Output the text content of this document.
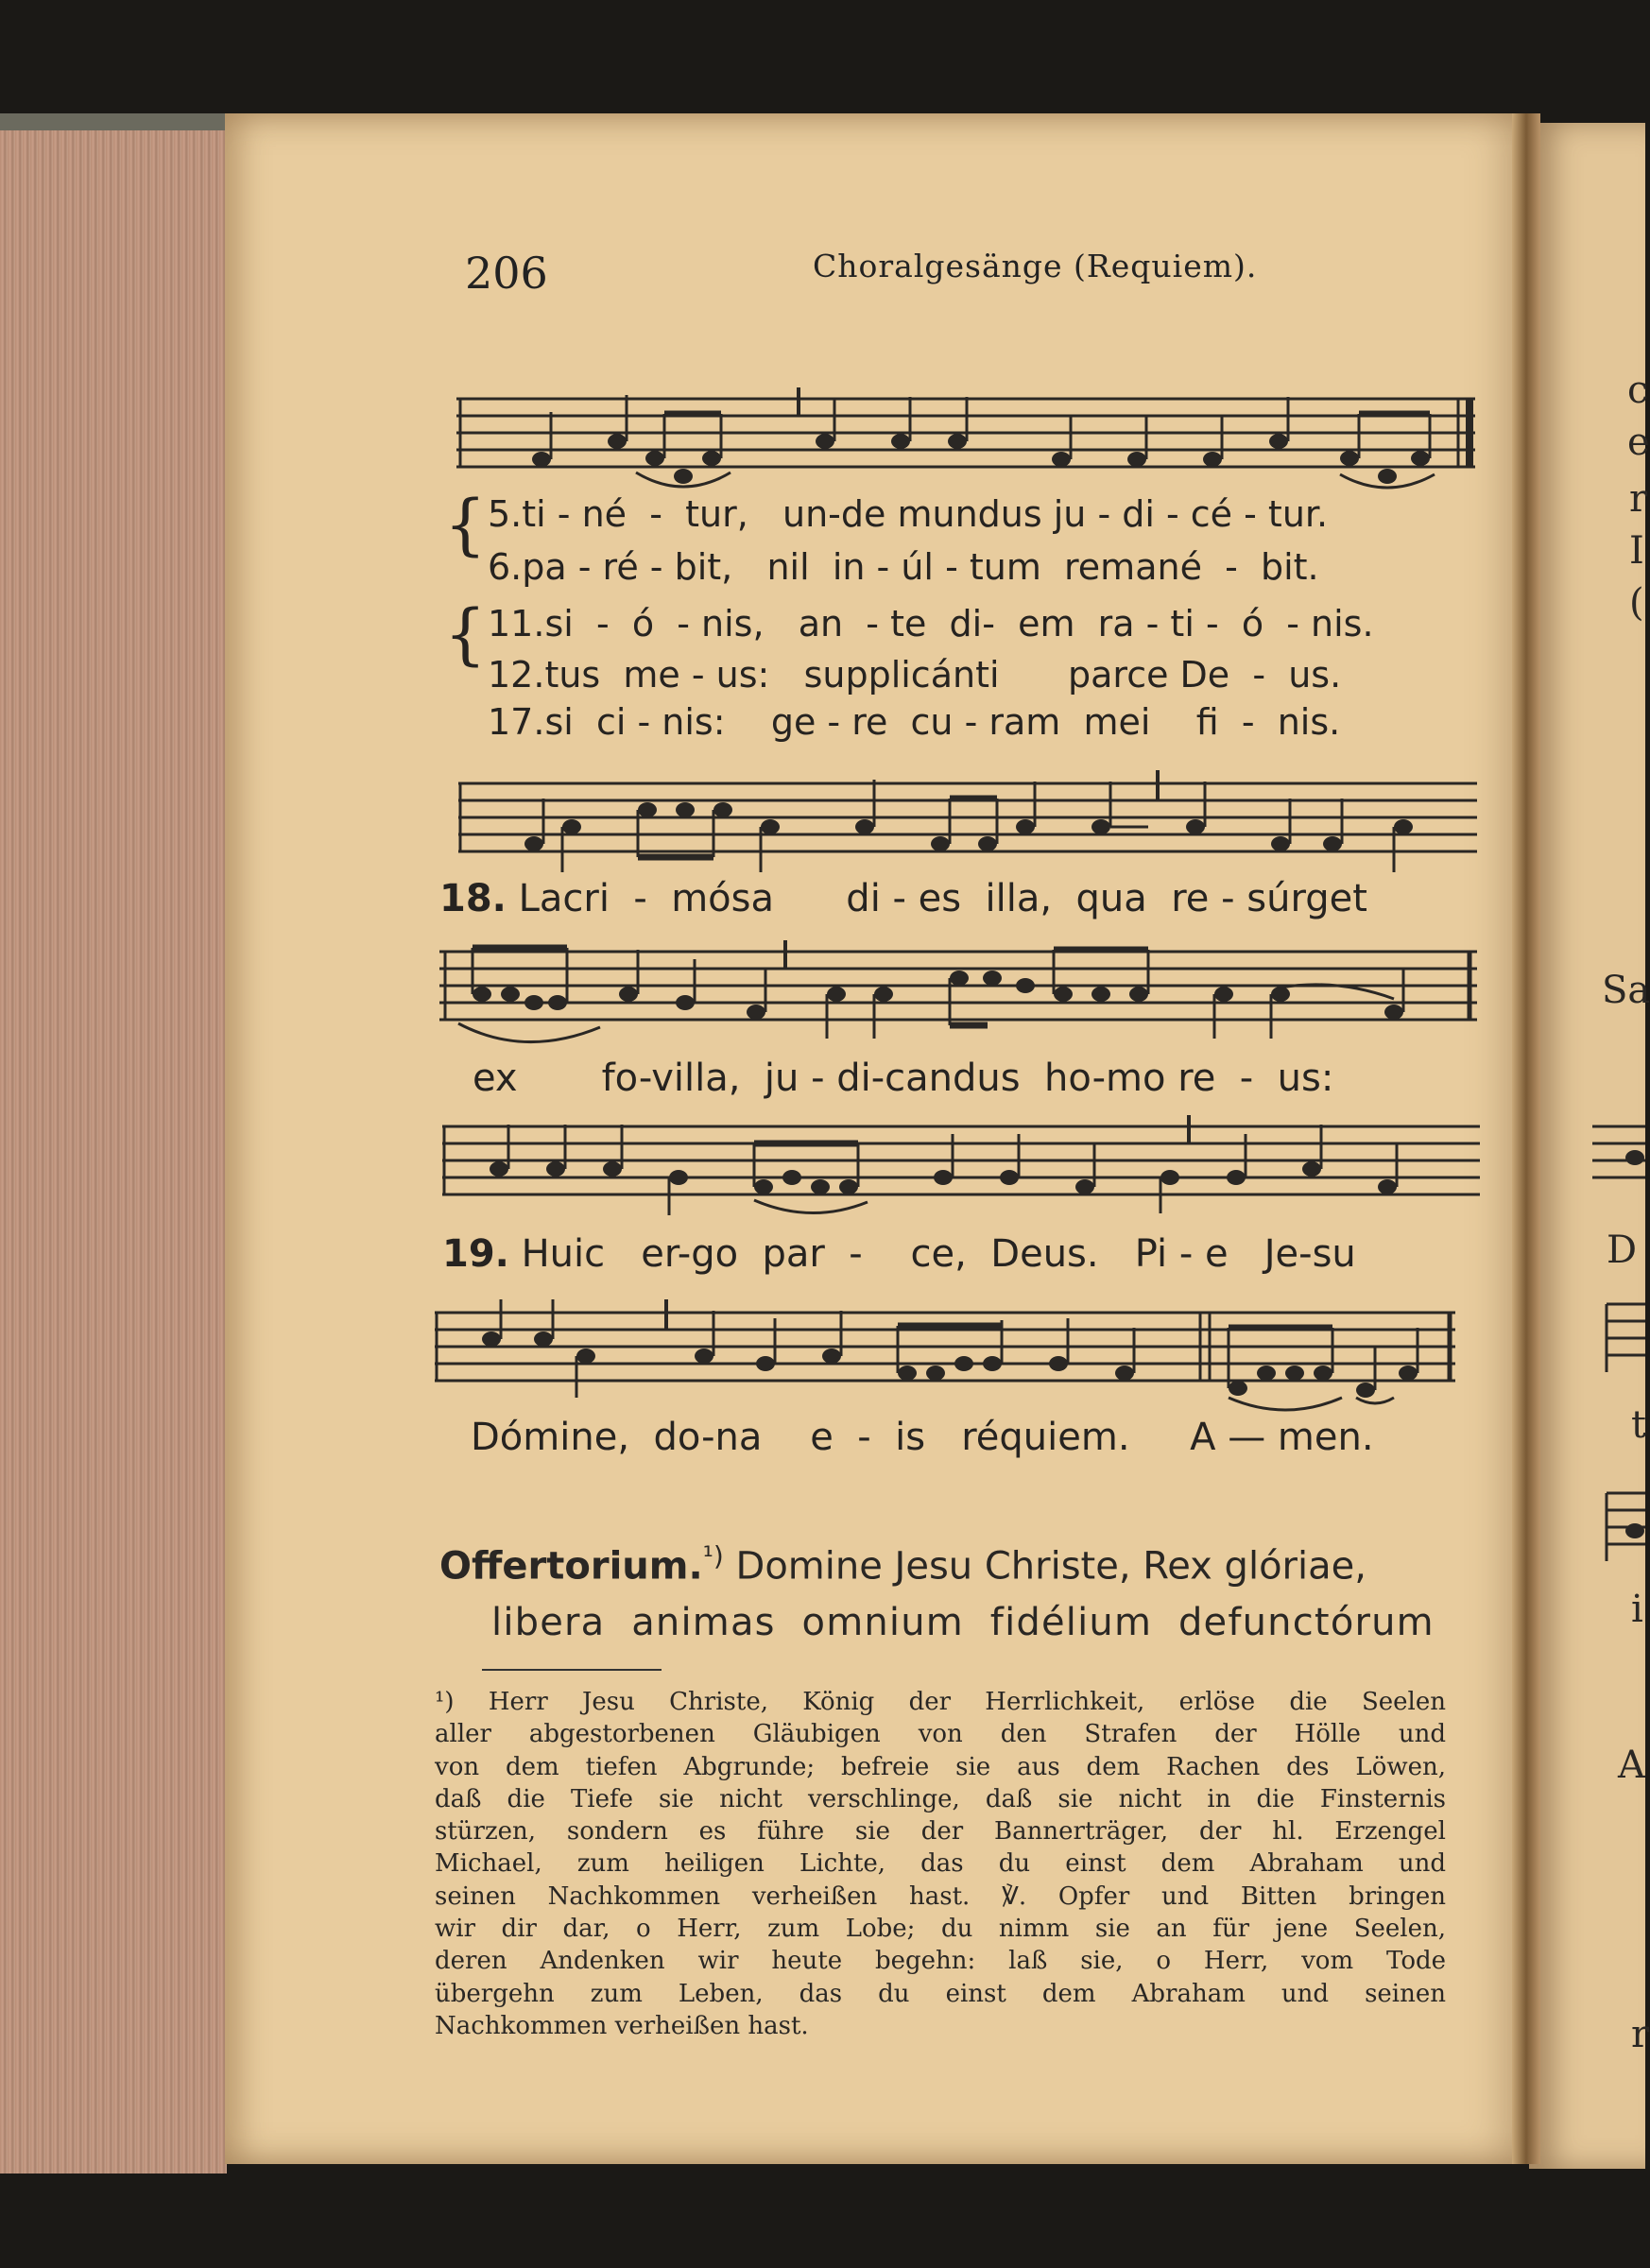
206	Choralgesänge (Requiem).
{ 5.ti - né  -  tur,   un-de mundus ju - di - cé - tur.
6.pa - ré - bit,   nil  in - úl - tum  remané  -  bit.
{ 11.si  -  ó  - nis,   an  - te  di-  em  ra - ti -  ó  - nis.
12.tus  me - us:   supplicánti      parce De  -  us.
17.si  ci - nis:    ge - re  cu - ram  mei    fi  -  nis.
18. Lacri  -  mósa      di - es  illa,  qua  re - súrget
ex       fo-villa,  ju - di-candus  ho-mo re  -  us:
19. Huic   er-go  par  -    ce,  Deus.   Pi - e   Je-su
Dómine,  do-na    e  -  is   réquiem.     A — men.
Offertorium.$^{^1)}$ Domine Jesu Christe, Rex glóriae,
libera  animas  omnium  fidélium  defunctórum
¹) Herr Jesu Christe, König der Herrlichkeit, erlöse die Seelen
aller abgestorbenen Gläubigen von den Strafen der Hölle und
von dem tiefen Abgrunde; befreie sie aus dem Rachen des Löwen,
daß die Tiefe sie nicht verschlinge, daß sie nicht in die Finsternis
stürzen, sondern es führe sie der Bannerträger, der hl. Erzengel
Michael, zum heiligen Lichte, das du einst dem Abraham und
seinen Nachkommen verheißen hast. ℣. Opfer und Bitten bringen
wir dir dar, o Herr, zum Lobe; du nimm sie an für jene Seelen,
deren Andenken wir heute begehn: laß sie, o Herr, vom Tode
übergehn zum Leben, das du einst dem Abraham und seinen
Nachkommen verheißen hast.
c
e
r
I
(
Sa
D
t
A
i
r
